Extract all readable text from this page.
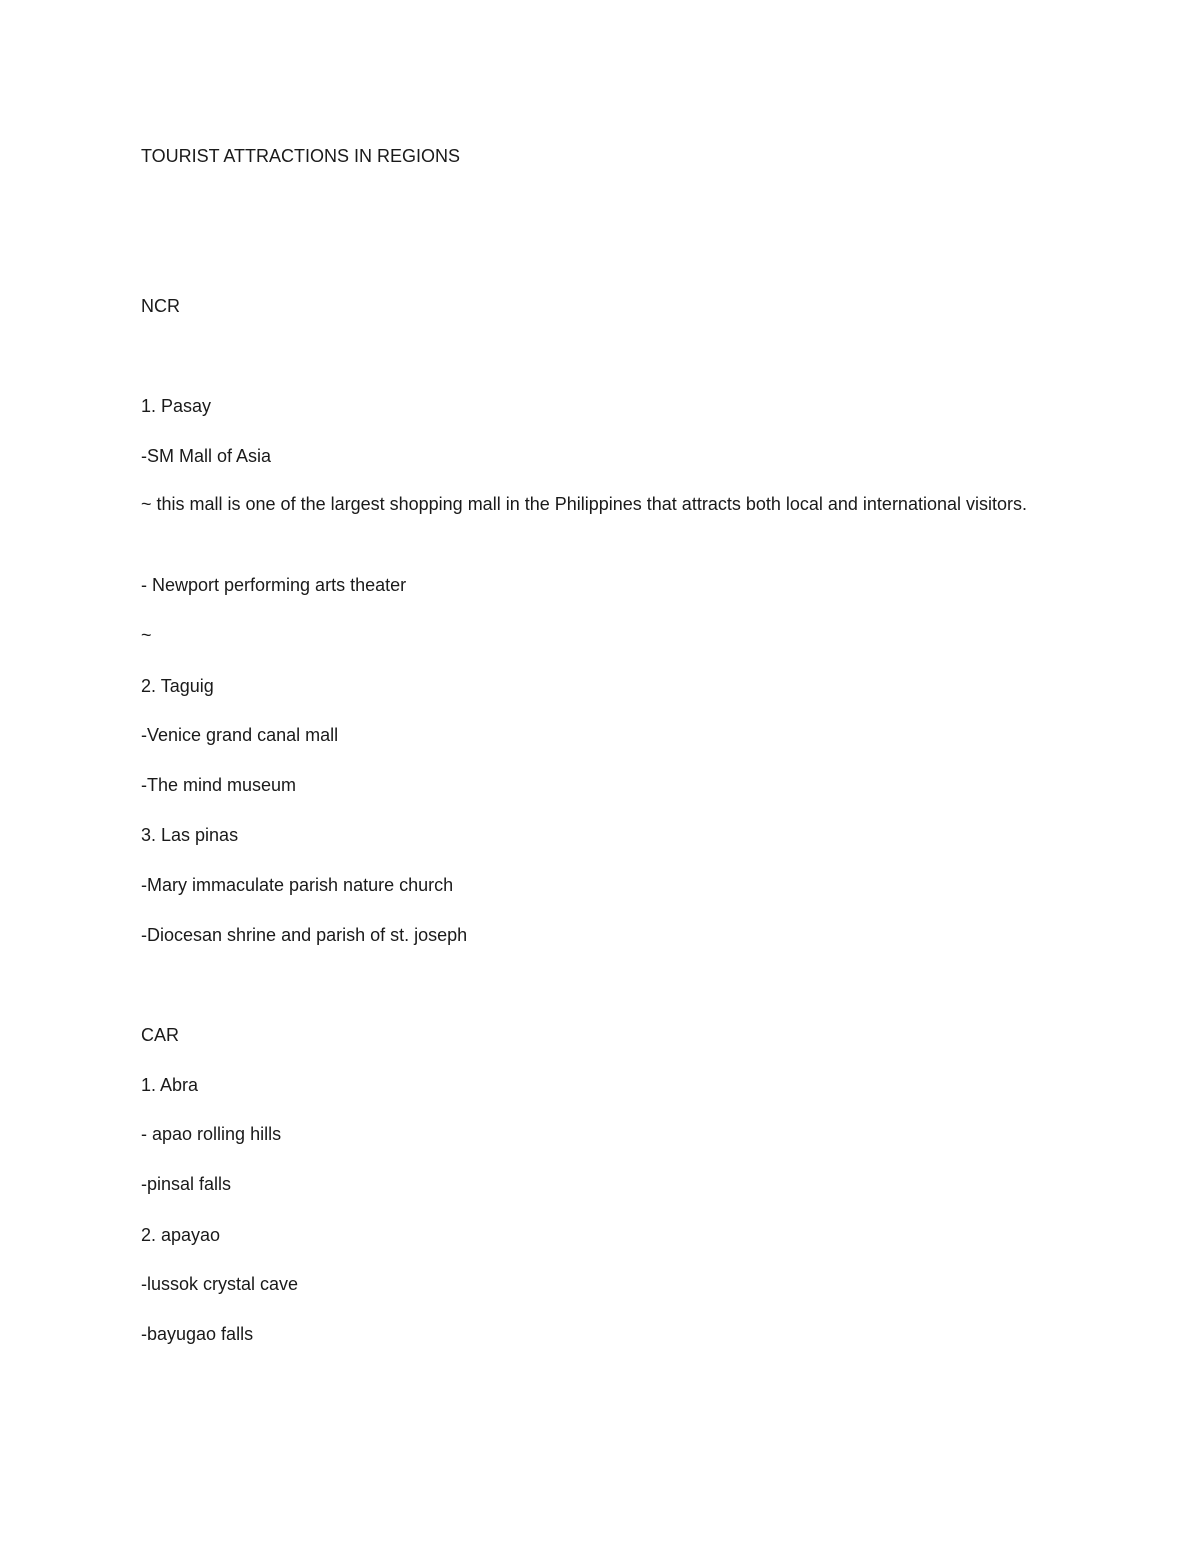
TOURIST ATTRACTIONS IN REGIONS

NCR

1. Pasay

-SM Mall of Asia

~ this mall is one of the largest shopping mall in the Philippines that attracts both local and international visitors.

- Newport performing arts theater

~

2. Taguig

-Venice grand canal mall

-The mind museum

3. Las pinas

-Mary immaculate parish nature church

-Diocesan shrine and parish of st. joseph

CAR

1. Abra

- apao rolling hills

-pinsal falls

2. apayao

-lussok crystal cave

-bayugao falls
